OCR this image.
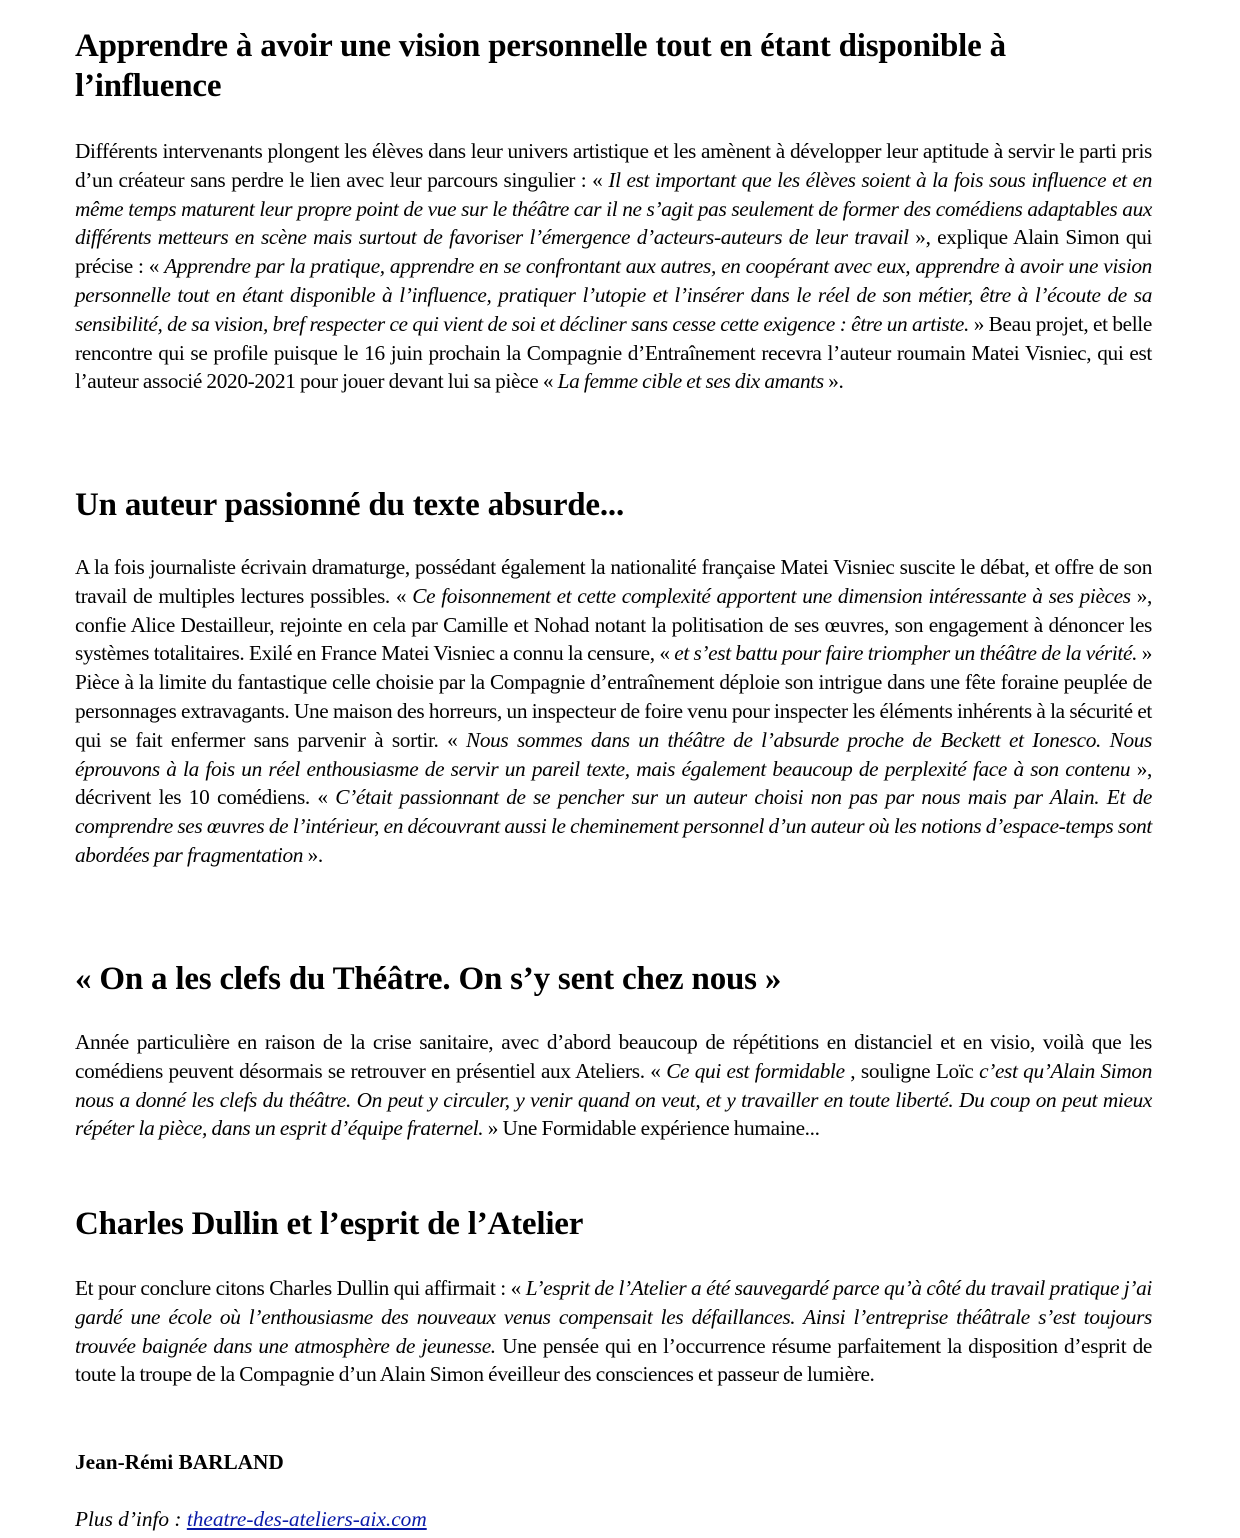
Apprendre à avoir une vision personnelle tout en étant disponible à l’influence

Différents intervenants plongent les élèves dans leur univers artistique et les amènent à développer leur aptitude à servir le parti pris d’un créateur sans perdre le lien avec leur parcours singulier : « Il est important que les élèves soient à la fois sous influence et en même temps maturent leur propre point de vue sur le théâtre car il ne s’agit pas seulement de former des comédiens adaptables aux différents metteurs en scène mais surtout de favoriser l’émergence d’acteurs-auteurs de leur travail », explique Alain Simon qui précise : « Apprendre par la pratique, apprendre en se confrontant aux autres, en coopérant avec eux, apprendre à avoir une vision personnelle tout en étant disponible à l’influence, pratiquer l’utopie et l’insérer dans le réel de son métier, être à l’écoute de sa sensibilité, de sa vision, bref respecter ce qui vient de soi et décliner sans cesse cette exigence : être un artiste. » Beau projet, et belle rencontre qui se profile puisque le 16 juin prochain la Compagnie d’Entraînement recevra l’auteur roumain Matei Visniec, qui est l’auteur associé 2020-2021 pour jouer devant lui sa pièce « La femme cible et ses dix amants ».

Un auteur passionné du texte absurde...

A la fois journaliste écrivain dramaturge, possédant également la nationalité française Matei Visniec suscite le débat, et offre de son travail de multiples lectures possibles. « Ce foisonnement et cette complexité apportent une dimension intéressante à ses pièces », confie Alice Destailleur, rejointe en cela par Camille et Nohad notant la politisation de ses œuvres, son engagement à dénoncer les systèmes totalitaires. Exilé en France Matei Visniec a connu la censure, « et s’est battu pour faire triompher un théâtre de la vérité. » Pièce à la limite du fantastique celle choisie par la Compagnie d’entraînement déploie son intrigue dans une fête foraine peuplée de personnages extravagants. Une maison des horreurs, un inspecteur de foire venu pour inspecter les éléments inhérents à la sécurité et qui se fait enfermer sans parvenir à sortir. « Nous sommes dans un théâtre de l’absurde proche de Beckett et Ionesco. Nous éprouvons à la fois un réel enthousiasme de servir un pareil texte, mais également beaucoup de perplexité face à son contenu », décrivent les 10 comédiens. « C’était passionnant de se pencher sur un auteur choisi non pas par nous mais par Alain. Et de comprendre ses œuvres de l’intérieur, en découvrant aussi le cheminement personnel d’un auteur où les notions d’espace-temps sont abordées par fragmentation ».

« On a les clefs du Théâtre. On s’y sent chez nous »

Année particulière en raison de la crise sanitaire, avec d’abord beaucoup de répétitions en distanciel et en visio, voilà que les comédiens peuvent désormais se retrouver en présentiel aux Ateliers. « Ce qui est formidable , souligne Loïc c’est qu’Alain Simon nous a donné les clefs du théâtre. On peut y circuler, y venir quand on veut, et y travailler en toute liberté. Du coup on peut mieux répéter la pièce, dans un esprit d’équipe fraternel. » Une Formidable expérience humaine...

Charles Dullin et l’esprit de l’Atelier

Et pour conclure citons Charles Dullin qui affirmait : « L’esprit de l’Atelier a été sauvegardé parce qu’à côté du travail pratique j’ai gardé une école où l’enthousiasme des nouveaux venus compensait les défaillances. Ainsi l’entreprise théâtrale s’est toujours trouvée baignée dans une atmosphère de jeunesse. Une pensée qui en l’occurrence résume parfaitement la disposition d’esprit de toute la troupe de la Compagnie d’un Alain Simon éveilleur des consciences et passeur de lumière.

Jean-Rémi BARLAND
Plus d’info : theatre-des-ateliers-aix.com
